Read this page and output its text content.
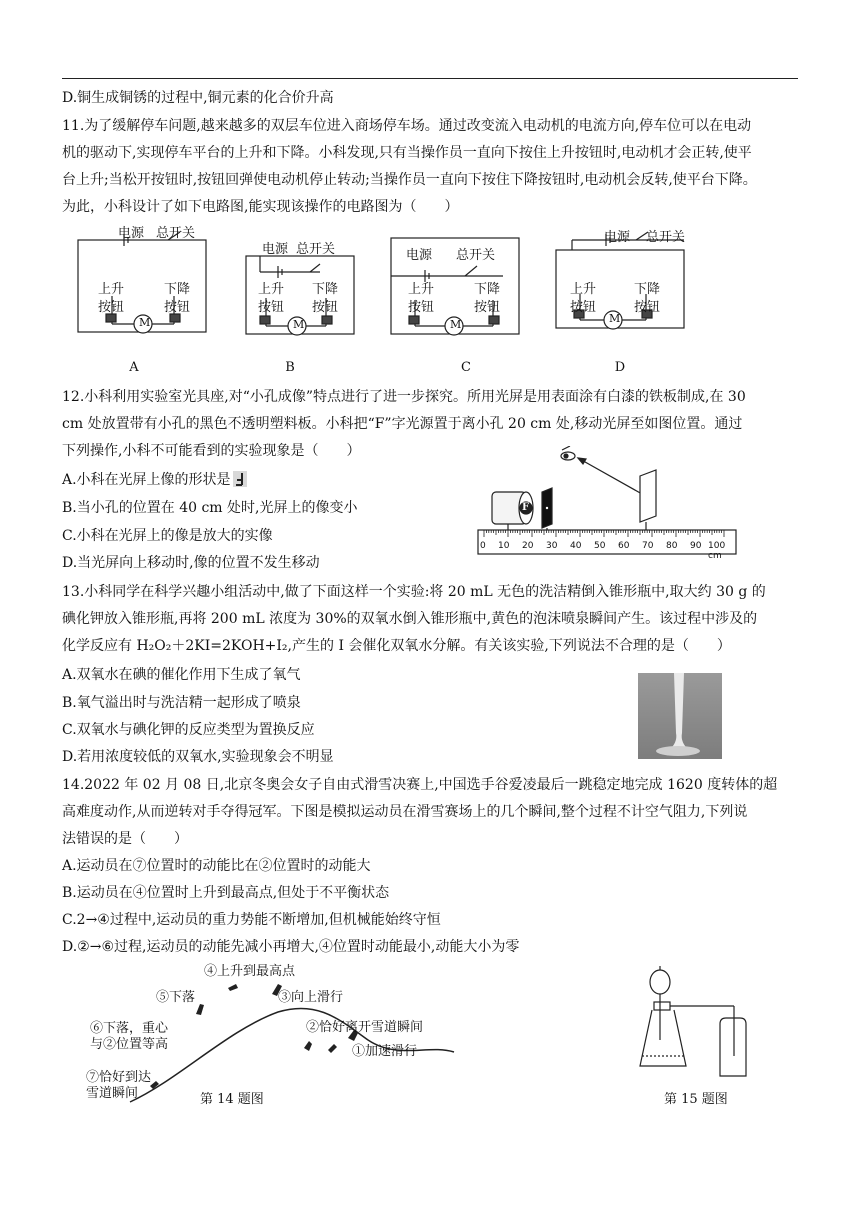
D.铜生成铜锈的过程中,铜元素的化合价升高
11.为了缓解停车问题,越来越多的双层车位进入商场停车场。通过改变流入电动机的电流方向,停车位可以在电动
机的驱动下,实现停车平台的上升和下降。小科发现,只有当操作员一直向下按住上升按钮时,电动机才会正转,使平
台上升;当松开按钮时,按钮回弹使电动机停止转动;当操作员一直向下按住下降按钮时,电动机会反转,使平台下降。
为此，小科设计了如下电路图,能实现该操作的电路图为（　　）
电源 总开关
上升
按钮
下降
按钮
M
A
电源 总开关
上升
按钮
下降
按钮
M
B
电源 总开关
上升
按钮
下降
按钮
M
C
电源 总开关
上升
按钮
下降
按钮
M
D
12.小科利用实验室光具座,对“小孔成像”特点进行了进一步探究。所用光屏是用表面涂有白漆的铁板制成,在 30
cm 处放置带有小孔的黑色不透明塑料板。小科把“F”字光源置于离小孔 20 cm 处,移动光屏至如图位置。通过
下列操作,小科不可能看到的实验现象是（　　）
A.小科在光屏上像的形状是
B.当小孔的位置在 40 cm 处时,光屏上的像变小
C.小科在光屏上的像是放大的实像
D.当光屏向上移动时,像的位置不发生移动
F
0 10 20 30 40 50 60 70 80 90 100 cm
13.小科同学在科学兴趣小组活动中,做了下面这样一个实验:将 20 mL 无色的洗洁精倒入锥形瓶中,取大约 30 g 的
碘化钾放入锥形瓶,再将 200 mL 浓度为 30%的双氧水倒入锥形瓶中,黄色的泡沫喷泉瞬间产生。该过程中涉及的
化学反应有 H₂O₂＋2KI=2KOH+I₂,产生的 I 会催化双氧水分解。有关该实验,下列说法不合理的是（　　）
A.双氧水在碘的催化作用下生成了氧气
B.氧气溢出时与洗洁精一起形成了喷泉
C.双氧水与碘化钾的反应类型为置换反应
D.若用浓度较低的双氧水,实验现象会不明显
14.2022 年 02 月 08 日,北京冬奥会女子自由式滑雪决赛上,中国选手谷爱凌最后一跳稳定地完成 1620 度转体的超
高难度动作,从而逆转对手夺得冠军。下图是模拟运动员在滑雪赛场上的几个瞬间,整个过程不计空气阻力,下列说
法错误的是（　　）
A.运动员在⑦位置时的动能比在②位置时的动能大
B.运动员在④位置时上升到最高点,但处于不平衡状态
C.2→④过程中,运动员的重力势能不断增加,但机械能始终守恒
D.②→⑥过程,运动员的动能先减小再增大,④位置时动能最小,动能大小为零
④上升到最高点
⑤下落	③向上滑行
⑥下落，重心
与②位置等高
②恰好离开雪道瞬间
①加速滑行
⑦恰好到达
雪道瞬间	第 14 题图	第 15 题图
